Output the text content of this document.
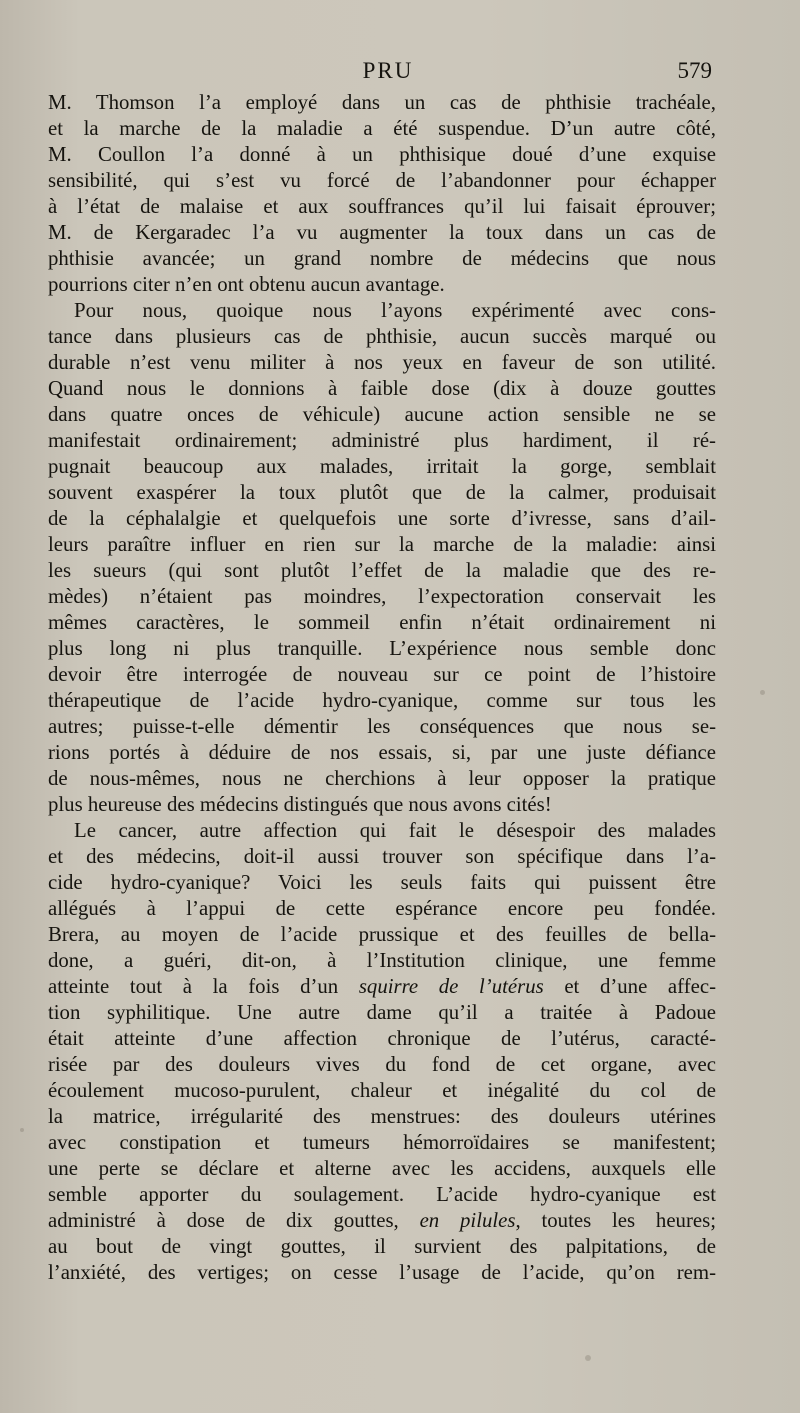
PRU	579
M. Thomson l’a employé dans un cas de phthisie trachéale,
et la marche de la maladie a été suspendue. D’un autre côté,
M. Coullon l’a donné à un phthisique doué d’une exquise
sensibilité, qui s’est vu forcé de l’abandonner pour échapper
à l’état de malaise et aux souffrances qu’il lui faisait éprouver;
M. de Kergaradec l’a vu augmenter la toux dans un cas de
phthisie avancée; un grand nombre de médecins que nous
pourrions citer n’en ont obtenu aucun avantage.
Pour nous, quoique nous l’ayons expérimenté avec cons-
tance dans plusieurs cas de phthisie, aucun succès marqué ou
durable n’est venu militer à nos yeux en faveur de son utilité.
Quand nous le donnions à faible dose (dix à douze gouttes
dans quatre onces de véhicule) aucune action sensible ne se
manifestait ordinairement; administré plus hardiment, il ré-
pugnait beaucoup aux malades, irritait la gorge, semblait
souvent exaspérer la toux plutôt que de la calmer, produisait
de la céphalalgie et quelquefois une sorte d’ivresse, sans d’ail-
leurs paraître influer en rien sur la marche de la maladie: ainsi
les sueurs (qui sont plutôt l’effet de la maladie que des re-
mèdes) n’étaient pas moindres, l’expectoration conservait les
mêmes caractères, le sommeil enfin n’était ordinairement ni
plus long ni plus tranquille. L’expérience nous semble donc
devoir être interrogée de nouveau sur ce point de l’histoire
thérapeutique de l’acide hydro-cyanique, comme sur tous les
autres; puisse-t-elle démentir les conséquences que nous se-
rions portés à déduire de nos essais, si, par une juste défiance
de nous-mêmes, nous ne cherchions à leur opposer la pratique
plus heureuse des médecins distingués que nous avons cités!
Le cancer, autre affection qui fait le désespoir des malades
et des médecins, doit-il aussi trouver son spécifique dans l’a-
cide hydro-cyanique? Voici les seuls faits qui puissent être
allégués à l’appui de cette espérance encore peu fondée.
Brera, au moyen de l’acide prussique et des feuilles de bella-
done, a guéri, dit-on, à l’Institution clinique, une femme
atteinte tout à la fois d’un squirre de l’utérus et d’une affec-
tion syphilitique. Une autre dame qu’il a traitée à Padoue
était atteinte d’une affection chronique de l’utérus, caracté-
risée par des douleurs vives du fond de cet organe, avec
écoulement mucoso-purulent, chaleur et inégalité du col de
la matrice, irrégularité des menstrues: des douleurs utérines
avec constipation et tumeurs hémorroïdaires se manifestent;
une perte se déclare et alterne avec les accidens, auxquels elle
semble apporter du soulagement. L’acide hydro-cyanique est
administré à dose de dix gouttes, en pilules, toutes les heures;
au bout de vingt gouttes, il survient des palpitations, de
l’anxiété, des vertiges; on cesse l’usage de l’acide, qu’on rem-
